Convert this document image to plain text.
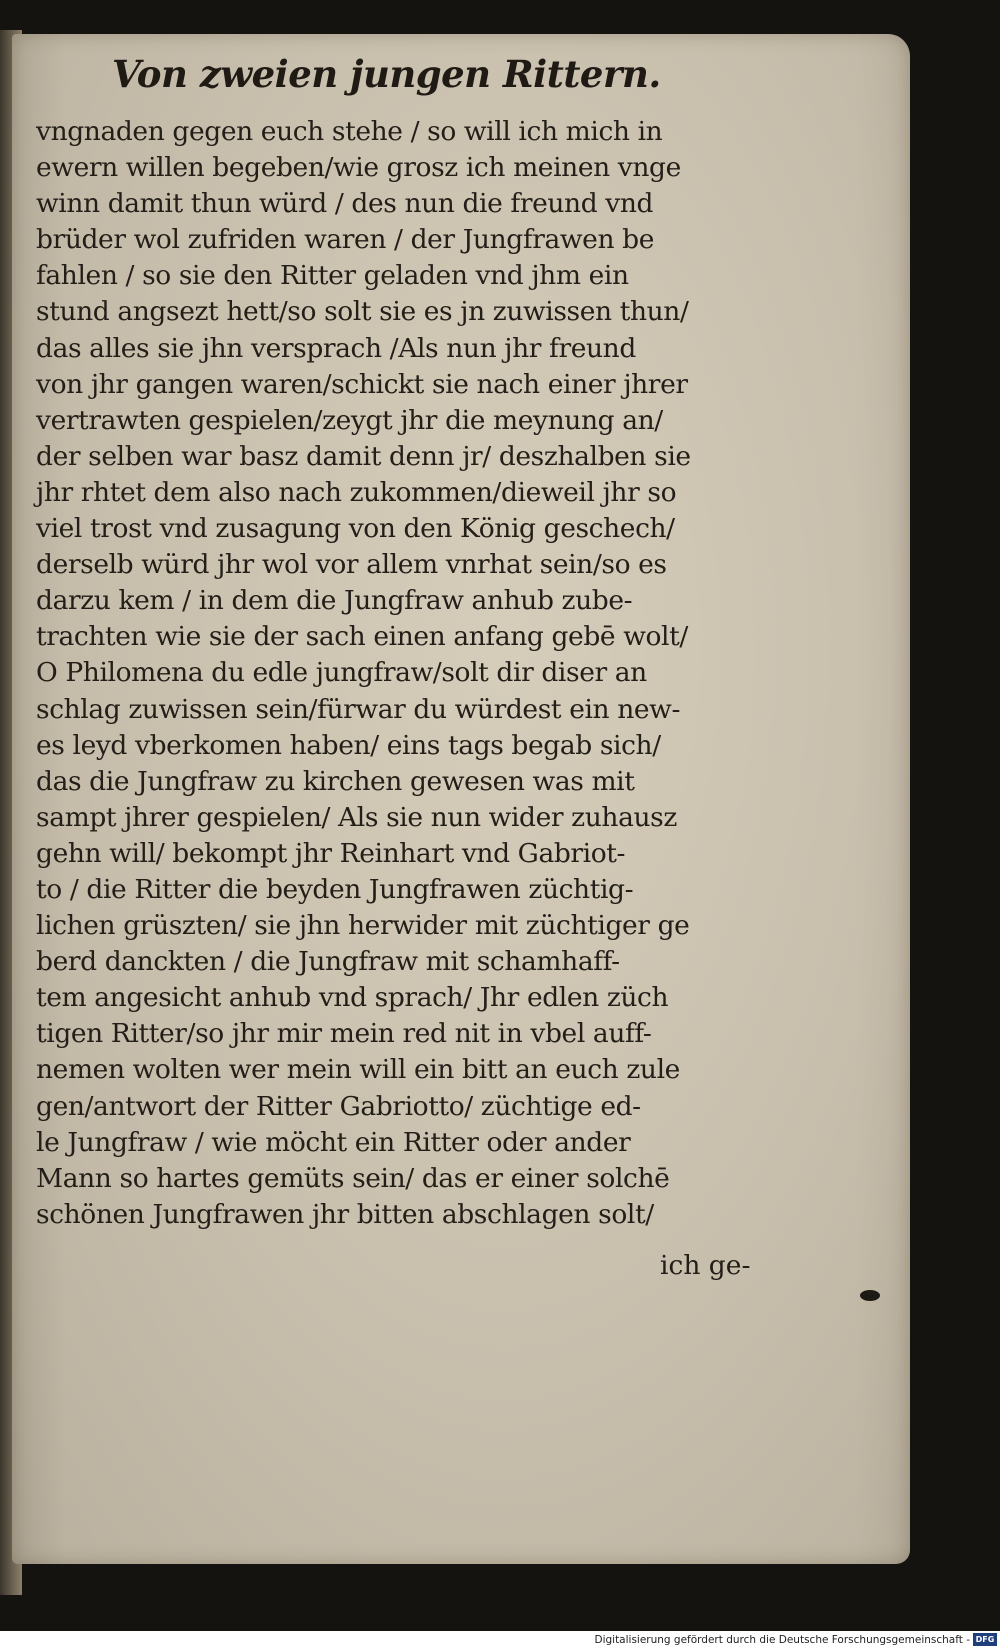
Von zweien jungen Rittern.
vngnaden gegen euch stehe / so will ich mich in
ewern willen begeben/wie grosz ich meinen vnge
winn damit thun würd / des nun die freund vnd
brüder wol zufriden waren / der Jungfrawen be
fahlen / so sie den Ritter geladen vnd jhm ein
stund angsezt hett/so solt sie es jn zuwissen thun/
das alles sie jhn versprach /Als nun jhr freund
von jhr gangen waren/schickt sie nach einer jhrer
vertrawten gespielen/zeygt jhr die meynung an/
der selben war basz damit denn jr/ deszhalben sie
jhr rhtet dem also nach zukommen/dieweil jhr so
viel trost vnd zusagung von den König geschech/
derselb würd jhr wol vor allem vnrhat sein/so es
darzu kem / in dem die Jungfraw anhub zube-
trachten wie sie der sach einen anfang gebē wolt/
O Philomena du edle jungfraw/solt dir diser an
schlag zuwissen sein/fürwar du würdest ein new-
es leyd vberkomen haben/ eins tags begab sich/
das die Jungfraw zu kirchen gewesen was mit
sampt jhrer gespielen/ Als sie nun wider zuhausz
gehn will/ bekompt jhr Reinhart vnd Gabriot-
to / die Ritter die beyden Jungfrawen züchtig-
lichen grüszten/ sie jhn herwider mit züchtiger ge
berd danckten / die Jungfraw mit schamhaff-
tem angesicht anhub vnd sprach/ Jhr edlen züch
tigen Ritter/so jhr mir mein red nit in vbel auff-
nemen wolten wer mein will ein bitt an euch zule
gen/antwort der Ritter Gabriotto/ züchtige ed-
le Jungfraw / wie möcht ein Ritter oder ander
Mann so hartes gemüts sein/ das er einer solchē
schönen Jungfrawen jhr bitten abschlagen solt/
ich ge-
Digitalisierung gefördert durch die Deutsche Forschungsgemeinschaft - DFG
